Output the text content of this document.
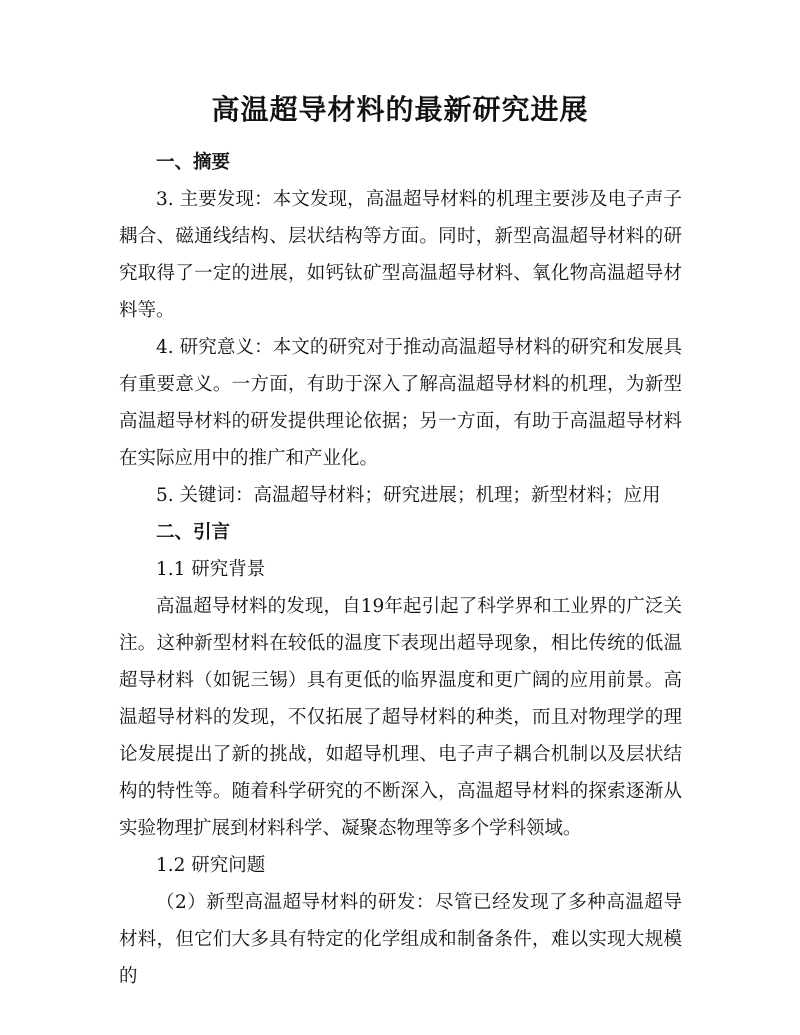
高温超导材料的最新研究进展

一、摘要

3. 主要发现：本文发现，高温超导材料的机理主要涉及电子声子耦合、磁通线结构、层状结构等方面。同时，新型高温超导材料的研究取得了一定的进展，如钙钛矿型高温超导材料、氧化物高温超导材料等。

4. 研究意义：本文的研究对于推动高温超导材料的研究和发展具有重要意义。一方面，有助于深入了解高温超导材料的机理，为新型高温超导材料的研发提供理论依据；另一方面，有助于高温超导材料在实际应用中的推广和产业化。

5. 关键词：高温超导材料；研究进展；机理；新型材料；应用

二、引言

1.1 研究背景

高温超导材料的发现，自19年起引起了科学界和工业界的广泛关注。这种新型材料在较低的温度下表现出超导现象，相比传统的低温超导材料（如铌三锡）具有更低的临界温度和更广阔的应用前景。高温超导材料的发现，不仅拓展了超导材料的种类，而且对物理学的理论发展提出了新的挑战，如超导机理、电子声子耦合机制以及层状结构的特性等。随着科学研究的不断深入，高温超导材料的探索逐渐从实验物理扩展到材料科学、凝聚态物理等多个学科领域。

1.2 研究问题

（2）新型高温超导材料的研发：尽管已经发现了多种高温超导材料，但它们大多具有特定的化学组成和制备条件，难以实现大规模的
